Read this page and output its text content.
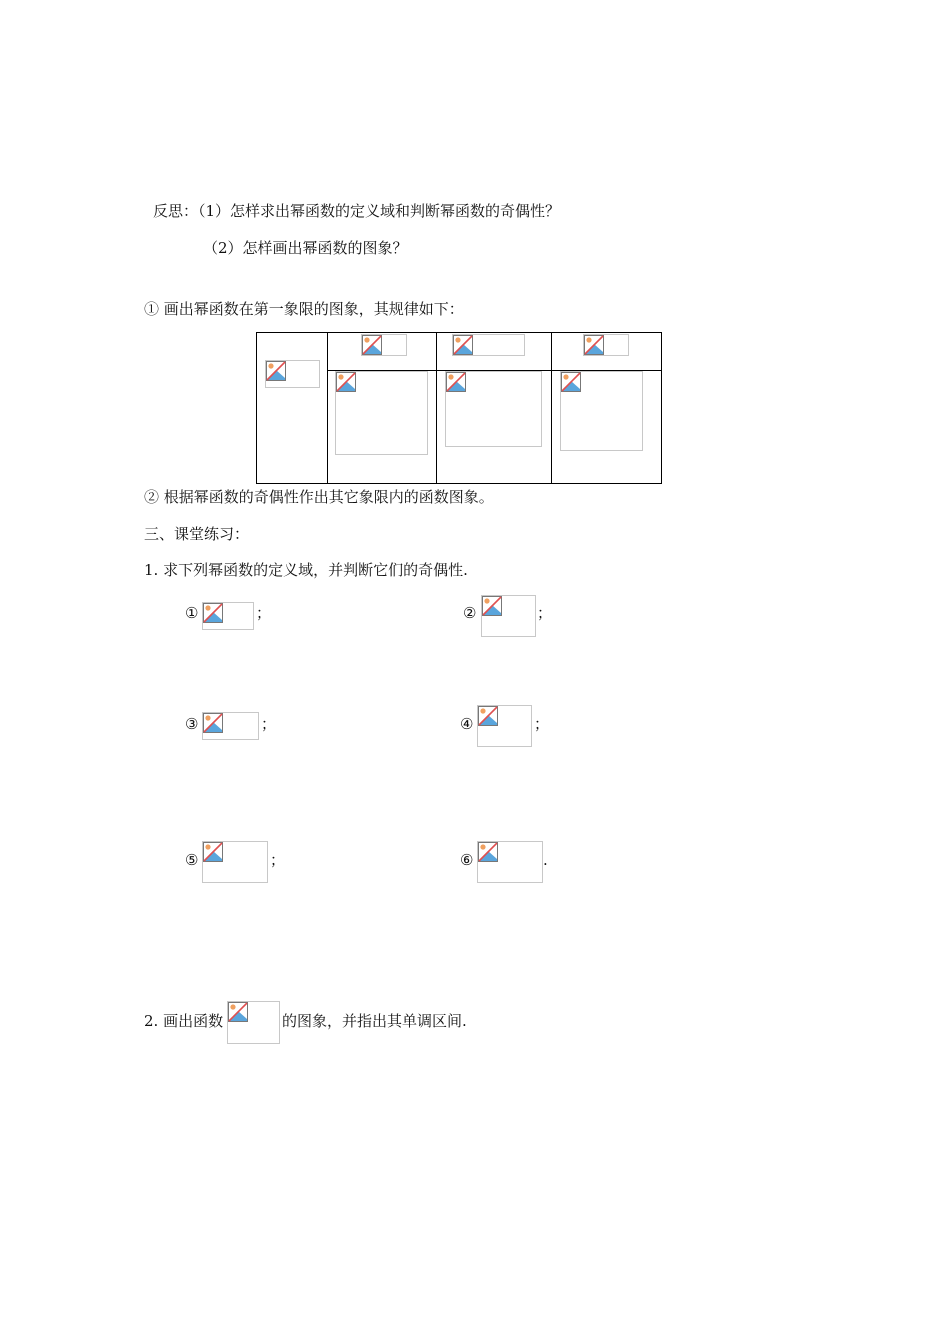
反思：（1）怎样求出幂函数的定义域和判断幂函数的奇偶性？
（2）怎样画出幂函数的图象？
① 画出幂函数在第一象限的图象，其规律如下：

② 根据幂函数的奇偶性作出其它象限内的函数图象。
三、课堂练习：
1. 求下列幂函数的定义域，并判断它们的奇偶性.
①	；	②	；
③	；	④	；
⑤	；	⑥	.
2. 画出函数	的图象，并指出其单调区间.
